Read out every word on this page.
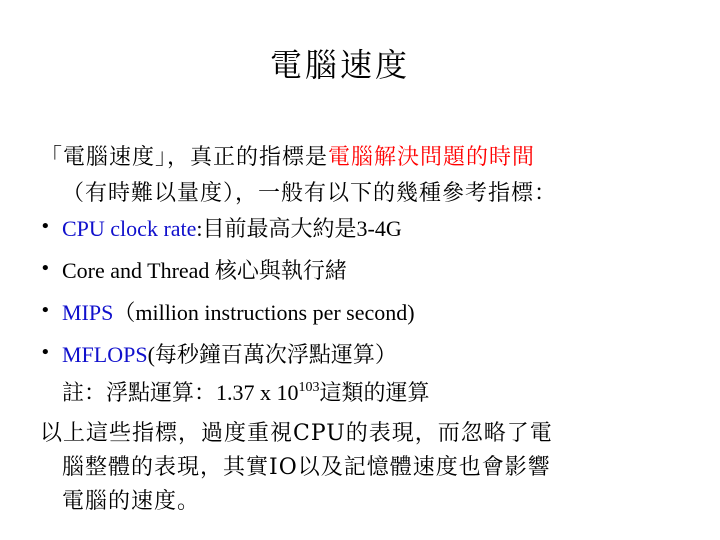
電腦速度
「電腦速度」，真正的指標是電腦解決問題的時間
（有時難以量度），一般有以下的幾種參考指標：
• CPU clock rate:目前最高大約是3-4G
• Core and Thread 核心與執行緒
• MIPS（million instructions per second)
• MFLOPS(每秒鐘百萬次浮點運算）
註：浮點運算：1.37 x $10^{103}$這類的運算
以上這些指標，過度重視CPU的表現，而忽略了電
腦整體的表現，其實IO以及記憶體速度也會影響
電腦的速度。
